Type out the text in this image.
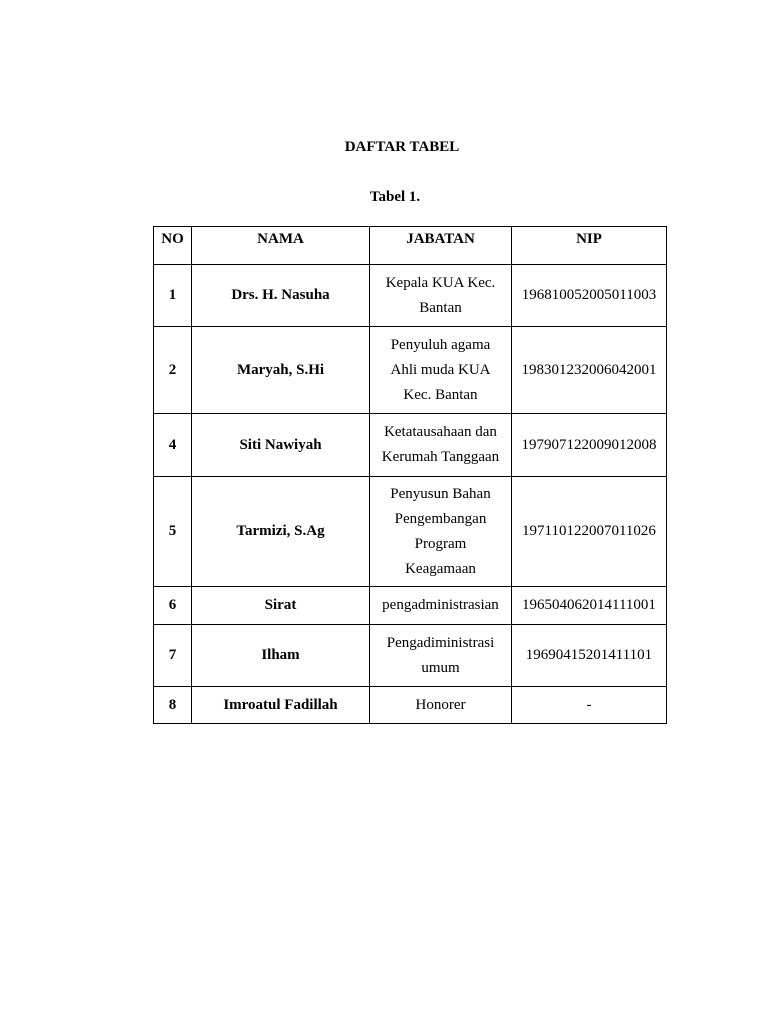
DAFTAR TABEL
Tabel 1.
NO	NAMA	JABATAN	NIP
1	Drs. H. Nasuha	Kepala KUA Kec.
Bantan	196810052005011003
2	Maryah, S.Hi	Penyuluh agama
Ahli muda KUA
Kec. Bantan	198301232006042001
4	Siti Nawiyah	Ketatausahaan dan
Kerumah Tanggaan	197907122009012008
5	Tarmizi, S.Ag	Penyusun Bahan
Pengembangan
Program
Keagamaan	197110122007011026
6	Sirat	pengadministrasian	196504062014111001
7	Ilham	Pengadiministrasi
umum	19690415201411101
8	Imroatul Fadillah	Honorer	-
